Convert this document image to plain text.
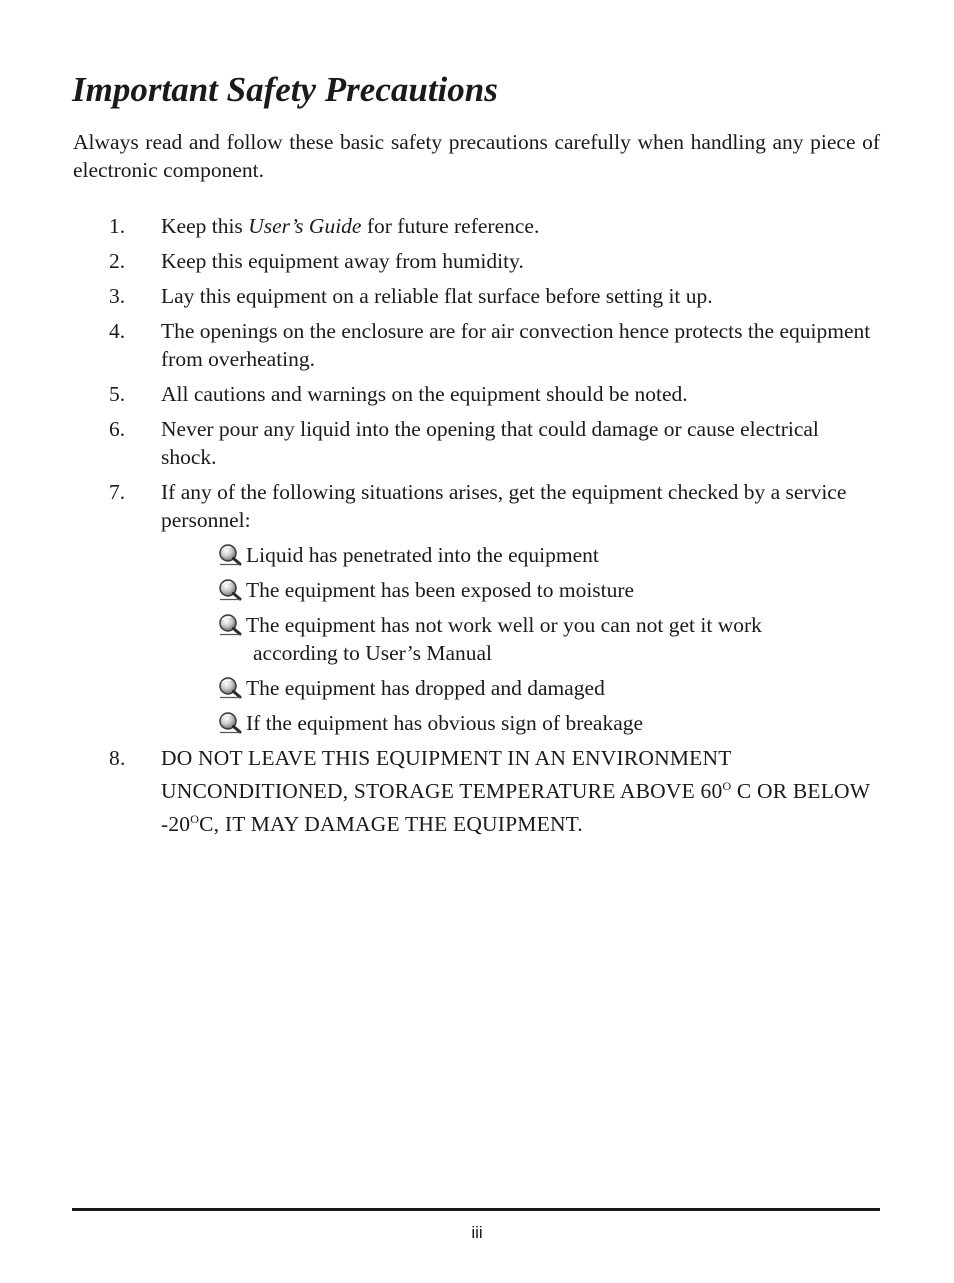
Important Safety Precautions

Always read and follow these basic safety precautions carefully when handling any piece of electronic component.

1. Keep this User’s Guide for future reference.
2. Keep this equipment away from humidity.
3. Lay this equipment on a reliable flat surface before setting it up.
4. The openings on the enclosure are for air convection hence protects the equipment from overheating.
5. All cautions and warnings on the equipment should be noted.
6. Never pour any liquid into the opening that could damage or cause electrical shock.
7. If any of the following situations arises, get the equipment checked by a service personnel:
Liquid has penetrated into the equipment
The equipment has been exposed to moisture
The equipment has not work well or you can not get it work
according to User’s Manual
The equipment has dropped and damaged
If the equipment has obvious sign of breakage
8. DO NOT LEAVE THIS EQUIPMENT IN AN ENVIRONMENT UNCONDITIONED, STORAGE TEMPERATURE ABOVE $60^O$ C OR BELOW $-20^OC$, IT MAY DAMAGE THE EQUIPMENT.
iii
